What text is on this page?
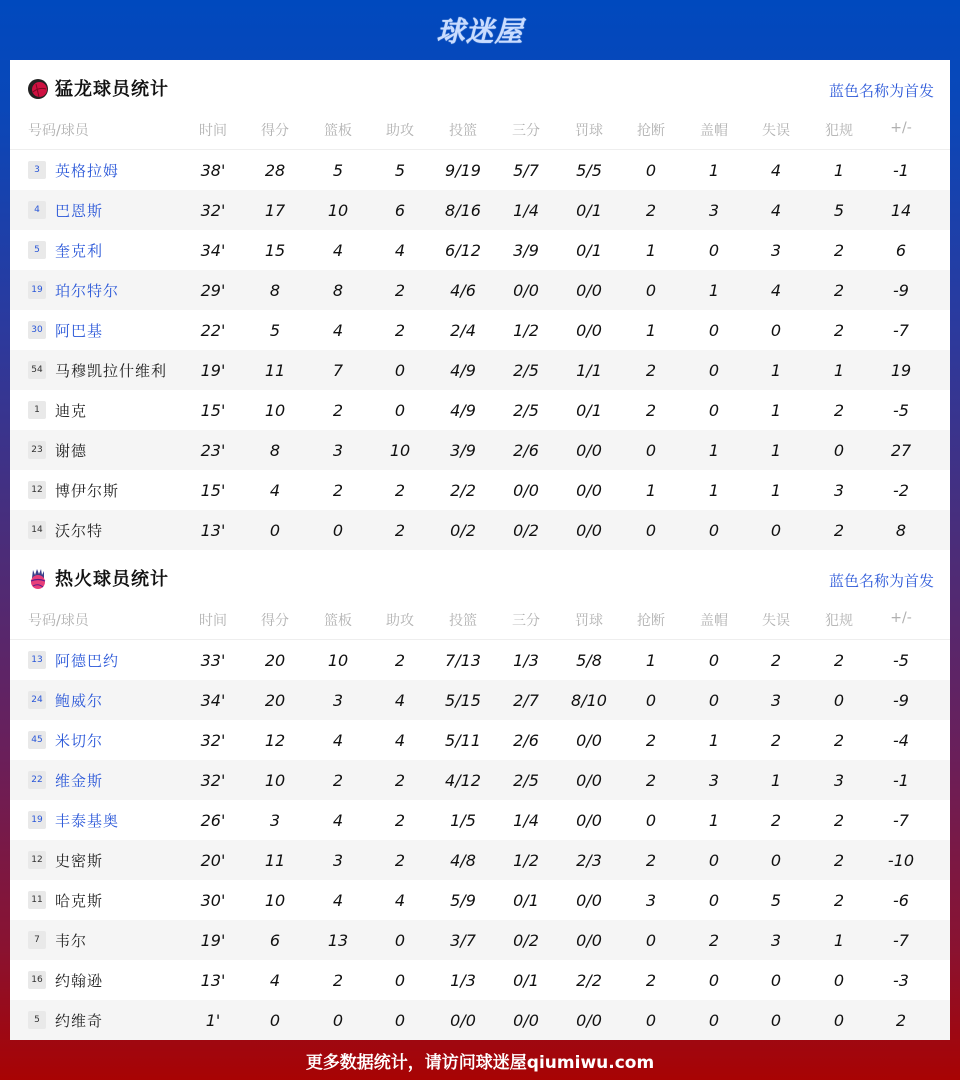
球迷屋
猛龙球员统计	蓝色名称为首发
号码/球员	时间	得分	篮板	助攻	投篮	三分	罚球	抢断	盖帽	失误	犯规	+/-
3	英格拉姆	38'	28	5	5	9/19	5/7	5/5	0	1	4	1	-1
4	巴恩斯	32'	17	10	6	8/16	1/4	0/1	2	3	4	5	14
5	奎克利	34'	15	4	4	6/12	3/9	0/1	1	0	3	2	6
19 珀尔特尔	29'	8	8	2	4/6	0/0	0/0	0	1	4	2	-9
30 阿巴基	22'	5	4	2	2/4	1/2	0/0	1	0	0	2	-7
54 马穆凯拉什维利	19'	11	7	0	4/9	2/5	1/1	2	0	1	1	19
1	迪克	15'	10	2	0	4/9	2/5	0/1	2	0	1	2	-5
23 谢德	23'	8	3	10	3/9	2/6	0/0	0	1	1	0	27
12 博伊尔斯	15'	4	2	2	2/2	0/0	0/0	1	1	1	3	-2
14 沃尔特	13'	0	0	2	0/2	0/2	0/0	0	0	0	2	8
热火球员统计	蓝色名称为首发
号码/球员	时间	得分	篮板	助攻	投篮	三分	罚球	抢断	盖帽	失误	犯规	+/-
13 阿德巴约	33'	20	10	2	7/13	1/3	5/8	1	0	2	2	-5
24 鲍威尔	34'	20	3	4	5/15	2/7	8/10	0	0	3	0	-9
45 米切尔	32'	12	4	4	5/11	2/6	0/0	2	1	2	2	-4
22 维金斯	32'	10	2	2	4/12	2/5	0/0	2	3	1	3	-1
19 丰泰基奥	26'	3	4	2	1/5	1/4	0/0	0	1	2	2	-7
12 史密斯	20'	11	3	2	4/8	1/2	2/3	2	0	0	2	-10
11 哈克斯	30'	10	4	4	5/9	0/1	0/0	3	0	5	2	-6
7	韦尔	19'	6	13	0	3/7	0/2	0/0	0	2	3	1	-7
16 约翰逊	13'	4	2	0	1/3	0/1	2/2	2	0	0	0	-3
5	约维奇	1'	0	0	0	0/0	0/0	0/0	0	0	0	0	2
更多数据统计，请访问球迷屋qiumiwu.com
